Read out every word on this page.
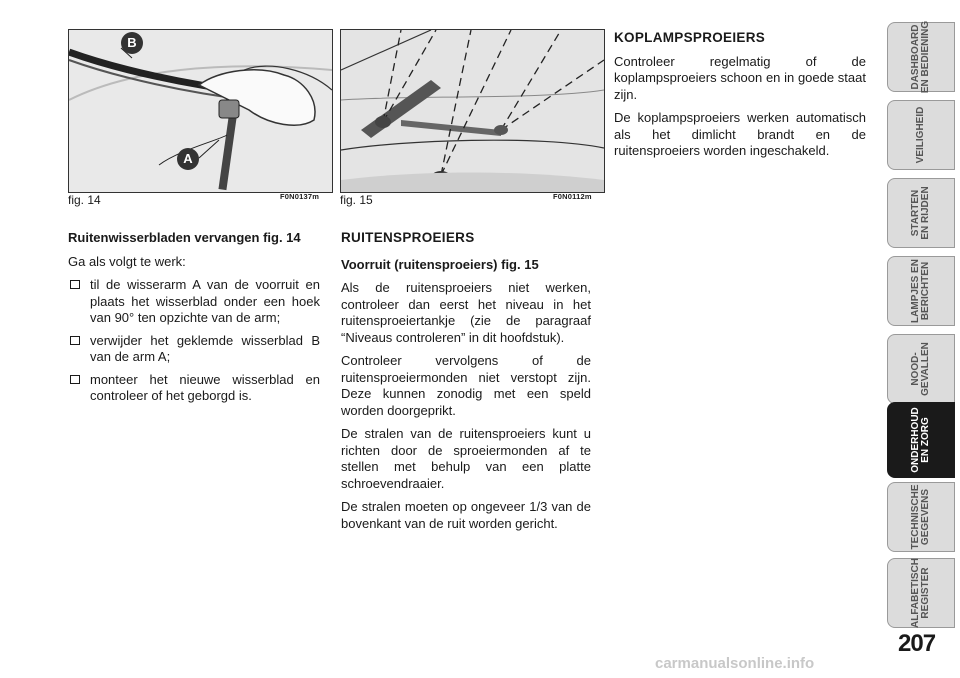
B
A
fig. 14	F0N0137m fig. 15	F0N0112m

Ruitenwisserbladen vervangen fig. 14

Ga als volgt te werk:

til de wisserarm A van de voorruit en plaats het wisserblad onder een hoek van 90° ten opzichte van de arm;
verwijder het geklemde wisserblad B van de arm A;
monteer het nieuwe wisserblad en controleer of het geborgd is.

RUITENSPROEIERS

Voorruit (ruitensproeiers) fig. 15

Als de ruitensproeiers niet werken, controleer dan eerst het niveau in het ruitensproeiertankje (zie de paragraaf “Niveaus controleren” in dit hoofdstuk).

Controleer vervolgens of de ruitensproeiermonden niet verstopt zijn. Deze kunnen zonodig met een speld worden doorgeprikt.

De stralen van de ruitensproeiers kunt u richten door de sproeiermonden af te stellen met behulp van een platte schroevendraaier.

De stralen moeten op ongeveer 1/3 van de bovenkant van de ruit worden gericht.

KOPLAMPSPROEIERS

Controleer regelmatig of de koplampsproeiers schoon en in goede staat zijn.

De koplampsproeiers werken automatisch als het dimlicht brandt en de ruitensproeiers worden ingeschakeld.

DASHBOARD
EN BEDIENING
VEILIGHEID
STARTEN
EN RIJDEN
LAMPJES EN
BERICHTEN
NOOD-
GEVALLEN
ONDERHOUD
EN ZORG
TECHNISCHE
GEGEVENS
ALFABETISCH
REGISTER
207
carmanualsonline.info
